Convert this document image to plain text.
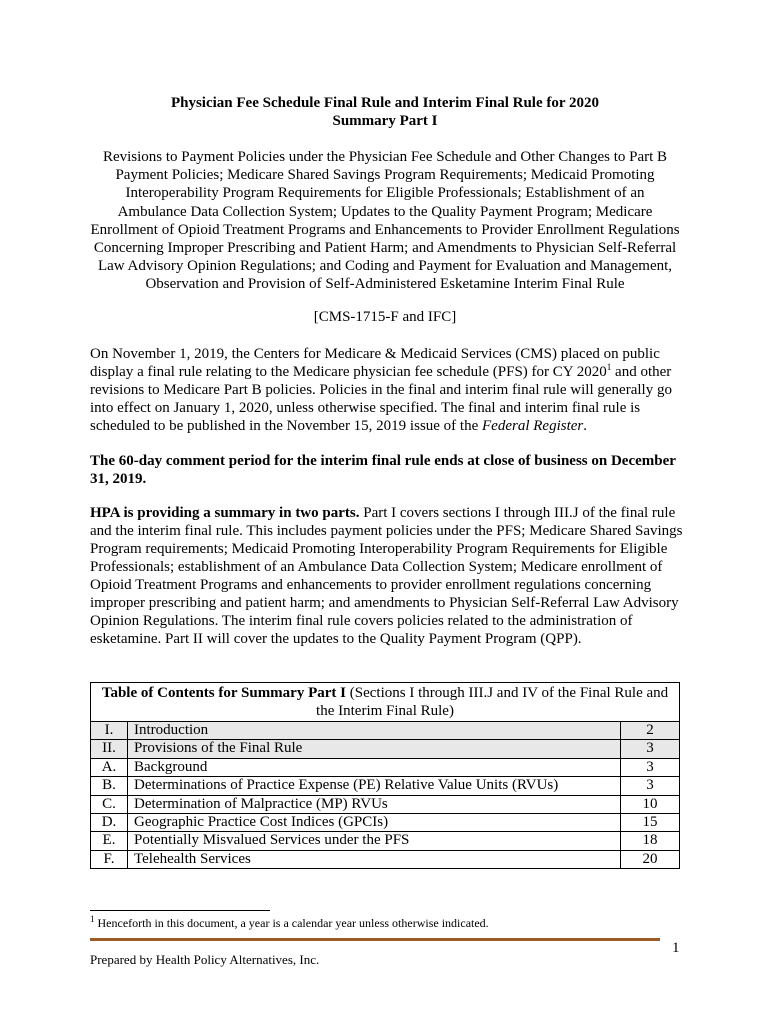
Physician Fee Schedule Final Rule and Interim Final Rule for 2020
Summary Part I
Revisions to Payment Policies under the Physician Fee Schedule and Other Changes to Part B Payment Policies; Medicare Shared Savings Program Requirements; Medicaid Promoting Interoperability Program Requirements for Eligible Professionals; Establishment of an Ambulance Data Collection System; Updates to the Quality Payment Program; Medicare Enrollment of Opioid Treatment Programs and Enhancements to Provider Enrollment Regulations Concerning Improper Prescribing and Patient Harm; and Amendments to Physician Self-Referral Law Advisory Opinion Regulations; and Coding and Payment for Evaluation and Management, Observation and Provision of Self-Administered Esketamine Interim Final Rule
[CMS-1715-F and IFC]
On November 1, 2019, the Centers for Medicare & Medicaid Services (CMS) placed on public display a final rule relating to the Medicare physician fee schedule (PFS) for CY 2020$^1$ and other revisions to Medicare Part B policies. Policies in the final and interim final rule will generally go into effect on January 1, 2020, unless otherwise specified. The final and interim final rule is scheduled to be published in the November 15, 2019 issue of the Federal Register.
The 60-day comment period for the interim final rule ends at close of business on December 31, 2019.
HPA is providing a summary in two parts. Part I covers sections I through III.J of the final rule and the interim final rule. This includes payment policies under the PFS; Medicare Shared Savings Program requirements; Medicaid Promoting Interoperability Program Requirements for Eligible Professionals; establishment of an Ambulance Data Collection System; Medicare enrollment of Opioid Treatment Programs and enhancements to provider enrollment regulations concerning improper prescribing and patient harm; and amendments to Physician Self-Referral Law Advisory Opinion Regulations. The interim final rule covers policies related to the administration of esketamine. Part II will cover the updates to the Quality Payment Program (QPP).
Table of Contents for Summary Part I (Sections I through III.J and IV of the Final Rule and the Interim Final Rule)		
I.	Introduction	2
II.	Provisions of the Final Rule	3
A.	Background	3
B.	Determinations of Practice Expense (PE) Relative Value Units (RVUs)	3
C.	Determination of Malpractice (MP) RVUs	10
D.	Geographic Practice Cost Indices (GPCIs)	15
E.	Potentially Misvalued Services under the PFS	18
F.	Telehealth Services	20
$^1$ Henceforth in this document, a year is a calendar year unless otherwise indicated.
Prepared by Health Policy Alternatives, Inc.
1
